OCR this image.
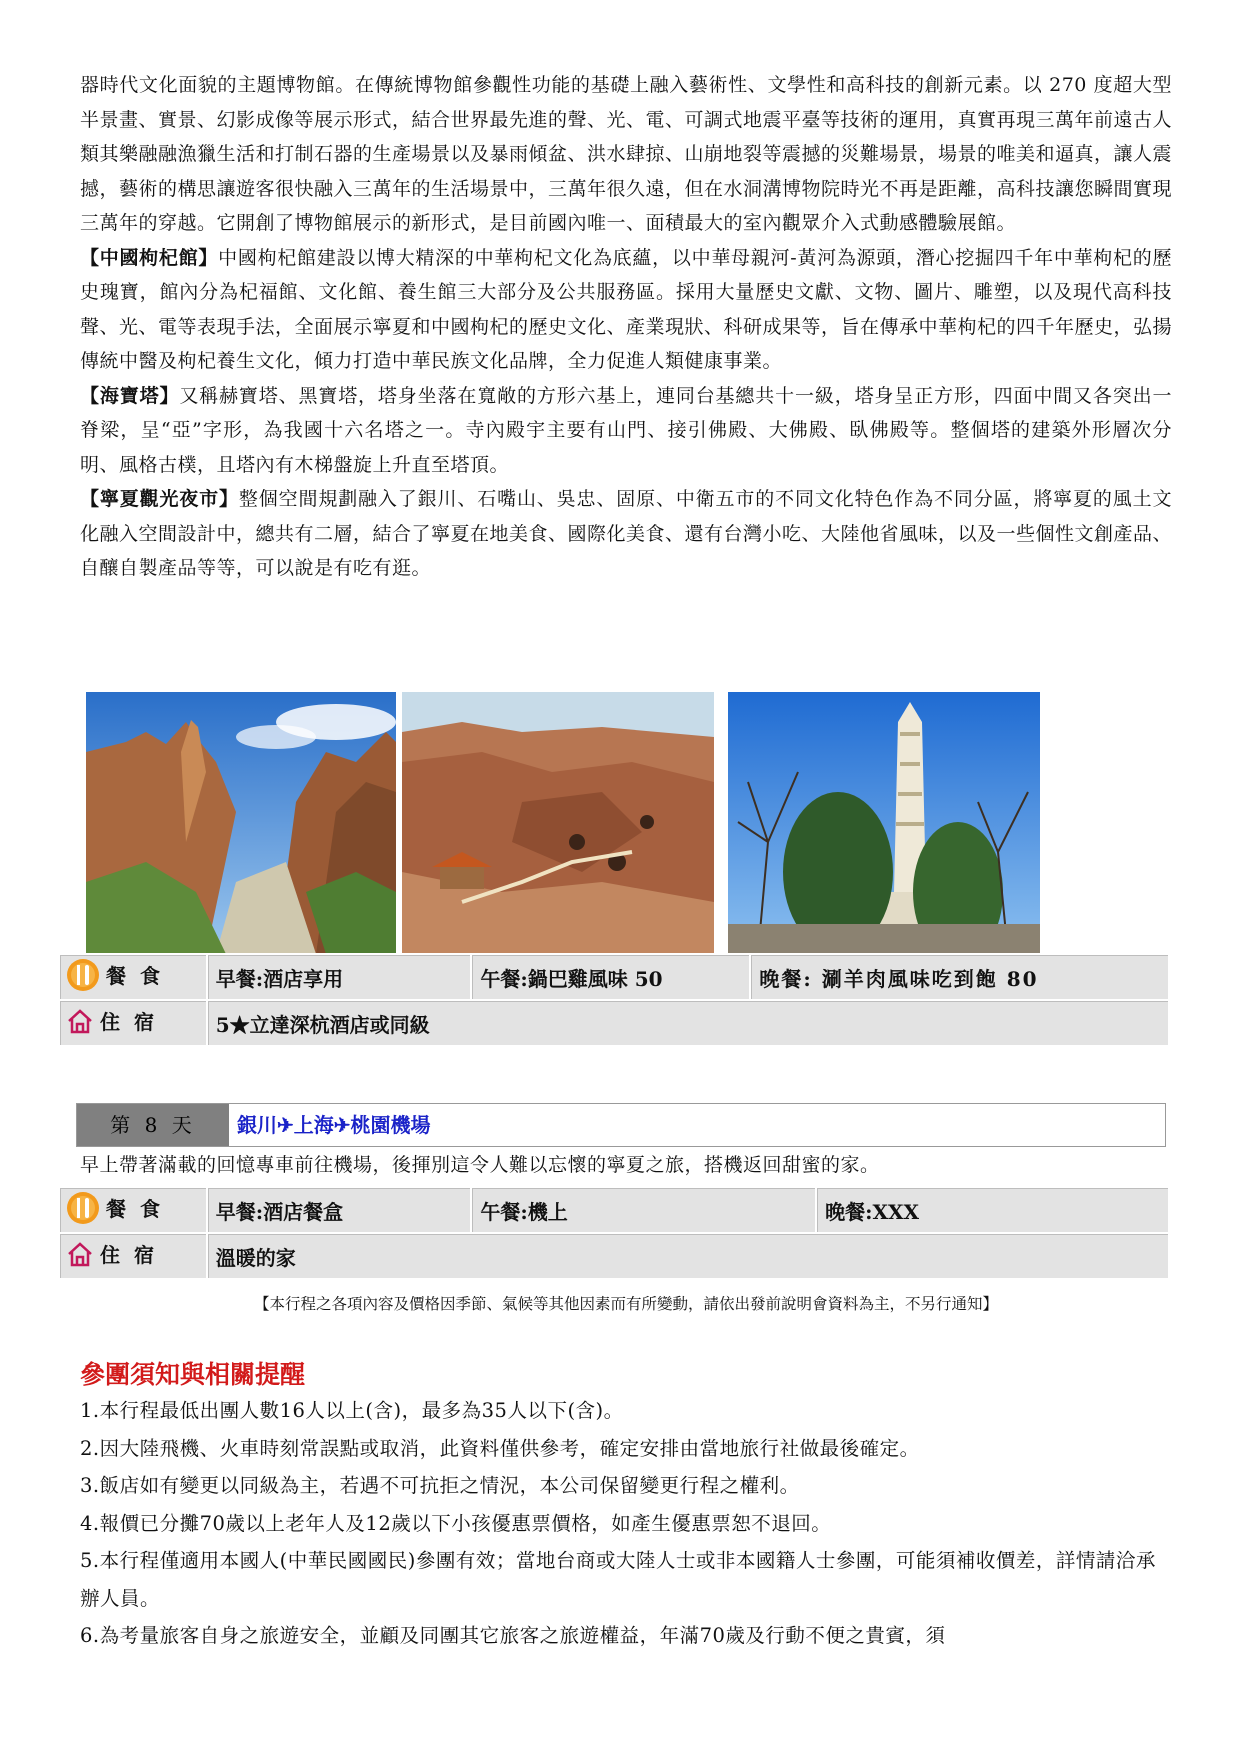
器時代文化面貌的主題博物館。在傳統博物館參觀性功能的基礎上融入藝術性、文學性和高科技的創新元素。以 270 度超大型半景畫、實景、幻影成像等展示形式，結合世界最先進的聲、光、電、可調式地震平臺等技術的運用，真實再現三萬年前遠古人類其樂融融漁獵生活和打制石器的生產場景以及暴雨傾盆、洪水肆掠、山崩地裂等震撼的災難場景，場景的唯美和逼真，讓人震撼，藝術的構思讓遊客很快融入三萬年的生活場景中，三萬年很久遠，但在水洞溝博物院時光不再是距離，高科技讓您瞬間實現三萬年的穿越。它開創了博物館展示的新形式，是目前國內唯一、面積最大的室內觀眾介入式動感體驗展館。

【中國枸杞館】中國枸杞館建設以博大精深的中華枸杞文化為底蘊，以中華母親河-黃河為源頭，潛心挖掘四千年中華枸杞的歷史瑰寶，館內分為杞福館、文化館、養生館三大部分及公共服務區。採用大量歷史文獻、文物、圖片、雕塑，以及現代高科技聲、光、電等表現手法，全面展示寧夏和中國枸杞的歷史文化、產業現狀、科研成果等，旨在傳承中華枸杞的四千年歷史，弘揚傳統中醫及枸杞養生文化，傾力打造中華民族文化品牌，全力促進人類健康事業。

【海寶塔】又稱赫寶塔、黑寶塔，塔身坐落在寬敞的方形六基上，連同台基總共十一級，塔身呈正方形，四面中間又各突出一脊梁，呈“亞”字形，為我國十六名塔之一。寺內殿宇主要有山門、接引佛殿、大佛殿、臥佛殿等。整個塔的建築外形層次分明、風格古樸，且塔內有木梯盤旋上升直至塔頂。

【寧夏觀光夜市】整個空間規劃融入了銀川、石嘴山、吳忠、固原、中衛五市的不同文化特色作為不同分區，將寧夏的風土文化融入空間設計中，總共有二層，結合了寧夏在地美食、國際化美食、還有台灣小吃、大陸他省風味，以及一些個性文創產品、自釀自製產品等等，可以說是有吃有逛。

餐食	早餐:酒店享用	午餐:鍋巴雞風味 50	晚餐: 涮羊肉風味吃到飽 80
住宿	5★立達深杭酒店或同級		
第 8 天	銀川✈上海✈桃園機場

早上帶著滿載的回憶專車前往機場，後揮別這令人難以忘懷的寧夏之旅，搭機返回甜蜜的家。

餐食	早餐:酒店餐盒	午餐:機上	晚餐:XXX
住宿	溫暖的家		
【本行程之各項內容及價格因季節、氣候等其他因素而有所變動，請依出發前說明會資料為主，不另行通知】
參團須知與相關提醒

1.本行程最低出團人數16人以上(含)，最多為35人以下(含)。

2.因大陸飛機、火車時刻常誤點或取消，此資料僅供參考，確定安排由當地旅行社做最後確定。

3.飯店如有變更以同級為主，若遇不可抗拒之情況，本公司保留變更行程之權利。

4.報價已分攤70歲以上老年人及12歲以下小孩優惠票價格，如產生優惠票恕不退回。

5.本行程僅適用本國人(中華民國國民)參團有效；當地台商或大陸人士或非本國籍人士參團，可能須補收價差，詳情請洽承辦人員。

6.為考量旅客自身之旅遊安全，並顧及同團其它旅客之旅遊權益，年滿70歲及行動不便之貴賓，須
